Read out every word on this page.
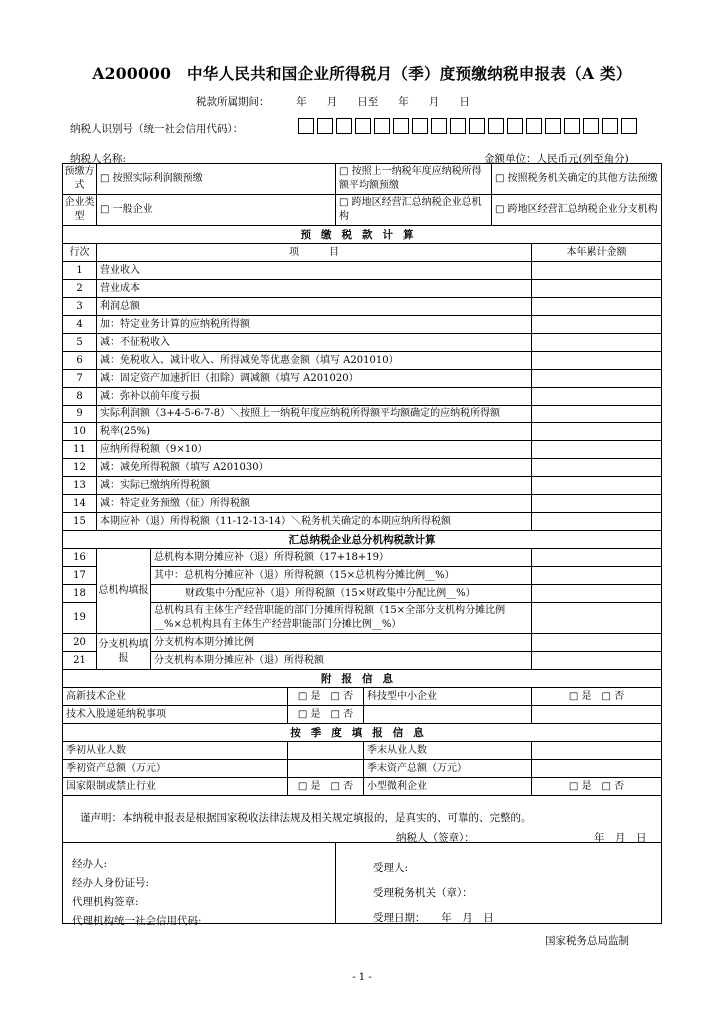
A200000　中华人民共和国企业所得税月（季）度预缴纳税申报表（A 类）
税款所属期间：        年      月      日至      年      月      日
纳税人识别号（统一社会信用代码）：
纳税人名称:	金额单位：人民币元(列至角分)
预缴方式	□ 按照实际利润额预缴			□ 按照上一纳税年度应纳税所得额平均额预缴		□ 按照税务机关确定的其他方法预缴	
企业类型	□ 一般企业			□ 跨地区经营汇总纳税企业总机构		□ 跨地区经营汇总纳税企业分支机构	
预缴税款计算							
行次	项　　　目						本年累计金额
1	营业收入						
2	营业成本						
3	利润总额						
4	加：特定业务计算的应纳税所得额						
5	减：不征税收入						
6	减：免税收入、减计收入、所得减免等优惠金额（填写 A201010）						
7	减：固定资产加速折旧（扣除）调减额（填写 A201020）						
8	减：弥补以前年度亏损						
9	实际利润额（3+4-5-6-7-8）＼按照上一纳税年度应纳税所得额平均额确定的应纳税所得额						
10	税率(25%)						
11	应纳所得税额（9×10）						
12	减：减免所得税额（填写 A201030）						
13	减：实际已缴纳所得税额						
14	减：特定业务预缴（征）所得税额						
15	本期应补（退）所得税额（11-12-13-14）＼税务机关确定的本期应纳所得税额						
汇总纳税企业总分机构税款计算							
16	总机构填报	总机构本期分摊应补（退）所得税额（17+18+19）					
17		其中：总机构分摊应补（退）所得税额（15×总机构分摊比例__%）					
18		财政集中分配应补（退）所得税额（15×财政集中分配比例__%）					
19		总机构具有主体生产经营职能的部门分摊所得税额（15×全部分支机构分摊比例__%×总机构具有主体生产经营职能部门分摊比例__%）					
20	分支机构填报	分支机构本期分摊比例					
21		分支机构本期分摊应补（退）所得税额					
附报信息							
高新技术企业			□ 是　□ 否		科技型中小企业		□ 是　□ 否
技术入股递延纳税事项			□ 是　□ 否				
按季度填报信息							
季初从业人数					季末从业人数		
季初资产总额（万元）					季末资产总额（万元）		
国家限制或禁止行业			□ 是　□ 否		小型微利企业		□ 是　□ 否

谨声明：本纳税申报表是根据国家税收法律法规及相关规定填报的，是真实的、可靠的、完整的。
纳税人（签章）：	年　月　日
经办人:
经办人身份证号:
代理机构签章:
代理机构统一社会信用代码:
受理人:
受理税务机关（章）：
受理日期：　　年　月　日
国家税务总局监制
- 1 -
